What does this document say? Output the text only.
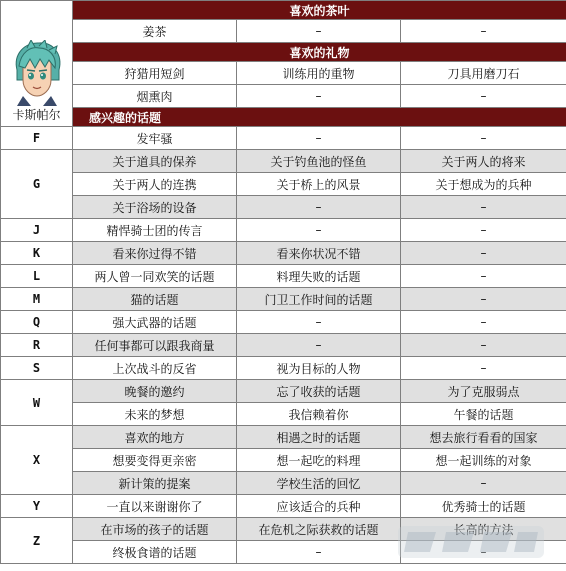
卡斯帕尔	喜欢的茶叶		
	姜茶	–	–
	喜欢的礼物		
	狩猎用短剑	训练用的重物	刀具用磨刀石
	烟熏肉	–	–
	感兴趣的话题		
F	发牢骚	–	–
G	关于道具的保养	关于钓鱼池的怪鱼	关于两人的将来
	关于两人的连携	关于桥上的风景	关于想成为的兵种
	关于浴场的设备	–	–
J	精悍骑士团的传言	–	–
K	看来你过得不错	看来你状况不错	–
L	两人曾一同欢笑的话题	料理失败的话题	–
M	猫的话题	门卫工作时间的话题	–
Q	强大武器的话题	–	–
R	任何事都可以跟我商量	–	–
S	上次战斗的反省	视为目标的人物	–
W	晚餐的邀约	忘了收获的话题	为了克服弱点
	未来的梦想	我信赖着你	午餐的话题
X	喜欢的地方	相遇之时的话题	想去旅行看看的国家
	想要变得更亲密	想一起吃的料理	想一起训练的对象
	新计策的提案	学校生活的回忆	–
Y	一直以来谢谢你了	应该适合的兵种	优秀骑士的话题
Z	在市场的孩子的话题	在危机之际获救的话题	长高的方法
	终极食谱的话题	–	–
